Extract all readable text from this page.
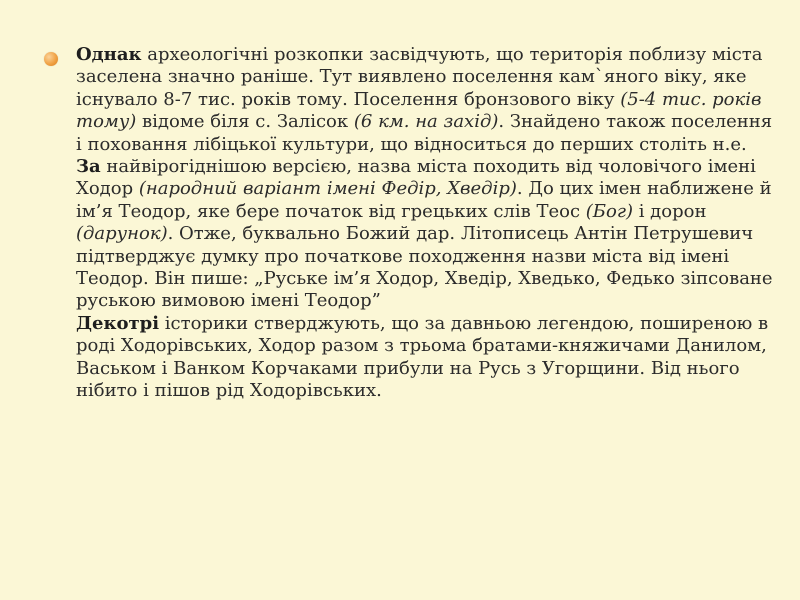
Однак археологічні розкопки засвідчують, що територія поблизу міста заселена значно раніше. Тут виявлено поселення кам`яного віку, яке існувало 8-7 тис. років тому. Поселення бронзового віку (5-4 тис. років тому) відоме біля с. Залісок (6 км. на захід). Знайдено також поселення і поховання лібіцької культури, що відноситься до перших століть н.е.

За найвірогіднішою версією, назва міста походить від чоловічого імені Ходор (народний варіант імені Федір, Хведір). До цих імен наближене й ім’я Теодор, яке бере початок від грецьких слів Теос (Бог) і дорон (дарунок). Отже, буквально Божий дар. Літописець Антін Петрушевич підтверджує думку про початкове походження назви міста від імені Теодор. Він пише: „Руське ім’я Ходор, Хведір, Хведько, Федько зіпсоване руською вимовою імені Теодор”

Декотрі історики стверджують, що за давньою легендою, поширеною в роді Ходорівських, Ходор разом з трьома братами-княжичами Данилом, Васьком і Ванком Корчаками прибули на Русь з Угорщини. Від нього нібито і пішов рід Ходорівських.
